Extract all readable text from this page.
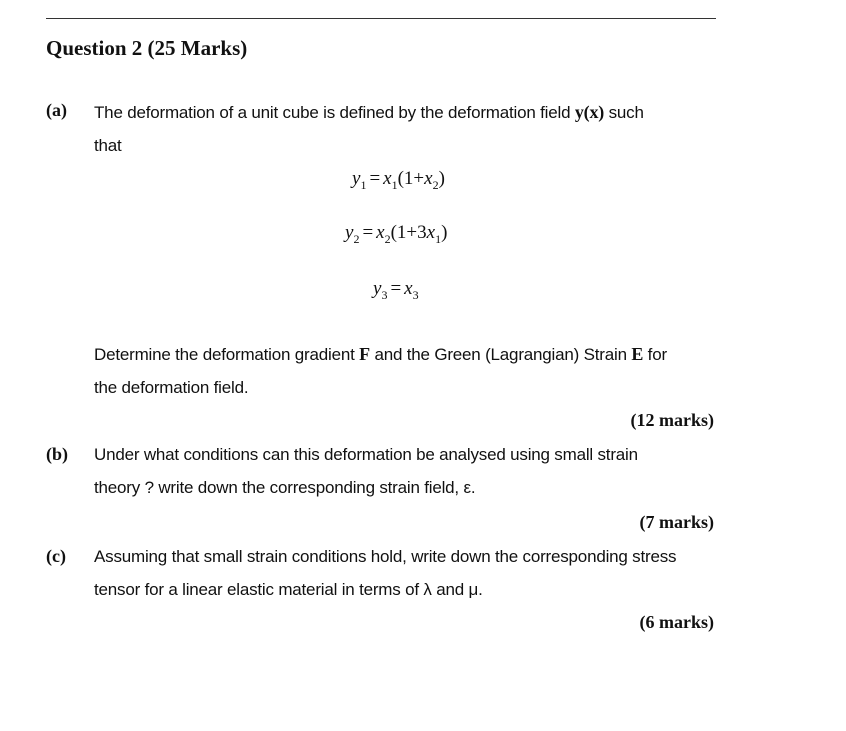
Question 2 (25 Marks)
(a) The deformation of a unit cube is defined by the deformation field y(x) such
that
$y_1 = x_1(1+x_2)$
$y_2 = x_2(1+3x_1)$
$y_3 = x_3$
Determine the deformation gradient F and the Green (Lagrangian) Strain E for
the deformation field.
(12 marks)
(b) Under what conditions can this deformation be analysed using small strain
theory ? write down the corresponding strain field, ε.
(7 marks)
(c) Assuming that small strain conditions hold, write down the corresponding stress
tensor for a linear elastic material in terms of λ and μ.
(6 marks)
